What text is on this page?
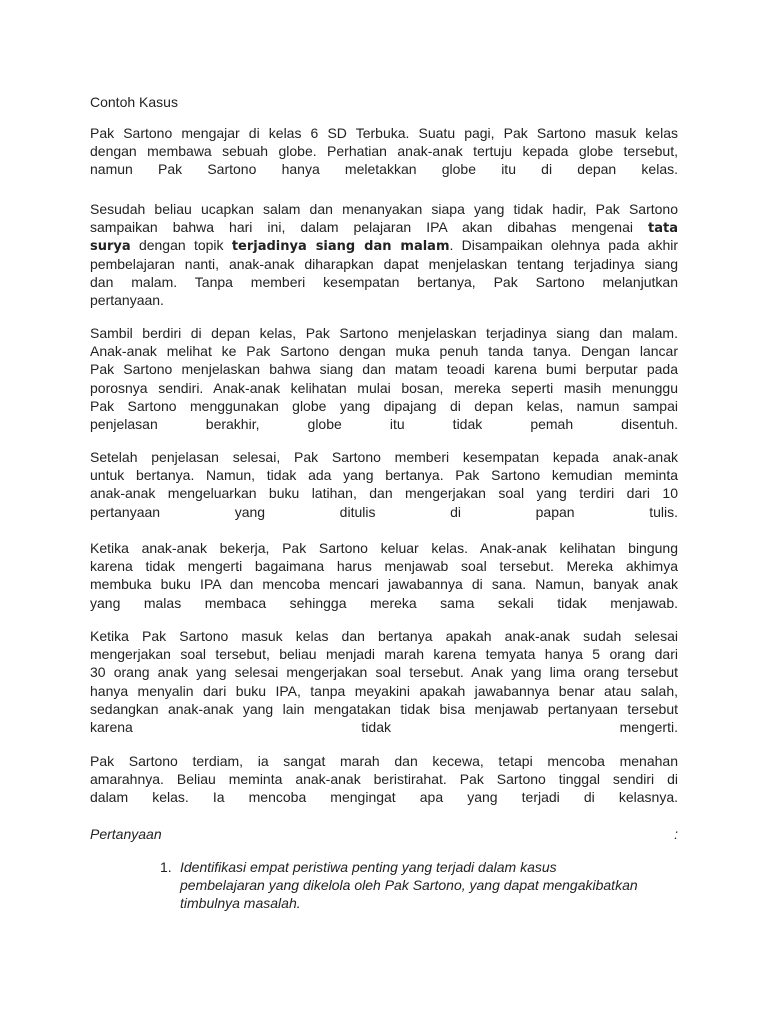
Contoh Kasus
Pak Sartono mengajar di kelas 6 SD Terbuka. Suatu pagi, Pak Sartono masuk kelas
dengan membawa sebuah globe. Perhatian anak-anak tertuju kepada globe tersebut,
namun Pak Sartono hanya meletakkan globe itu di depan kelas.
Sesudah beliau ucapkan salam dan menanyakan siapa yang tidak hadir, Pak Sartono
sampaikan bahwa hari ini, dalam pelajaran IPA akan dibahas mengenai tata
surya dengan topik terjadinya siang dan malam. Disampaikan olehnya pada akhir
pembelajaran nanti, anak-anak diharapkan dapat menjelaskan tentang terjadinya siang
dan malam. Tanpa memberi kesempatan bertanya, Pak Sartono melanjutkan
pertanyaan.
Sambil berdiri di depan kelas, Pak Sartono menjelaskan terjadinya siang dan malam.
Anak-anak melihat ke Pak Sartono dengan muka penuh tanda tanya. Dengan lancar
Pak Sartono menjelaskan bahwa siang dan matam teoadi karena bumi berputar pada
porosnya sendiri. Anak-anak kelihatan mulai bosan, mereka seperti masih menunggu
Pak Sartono menggunakan globe yang dipajang di depan kelas, namun sampai
penjelasan berakhir, globe itu tidak pemah disentuh.
Setelah penjelasan selesai, Pak Sartono memberi kesempatan kepada anak-anak
untuk bertanya. Namun, tidak ada yang bertanya. Pak Sartono kemudian meminta
anak-anak mengeluarkan buku latihan, dan mengerjakan soal yang terdiri dari 10
pertanyaan yang ditulis di papan tulis.
Ketika anak-anak bekerja, Pak Sartono keluar kelas. Anak-anak kelihatan bingung
karena tidak mengerti bagaimana harus menjawab soal tersebut. Mereka akhimya
membuka buku IPA dan mencoba mencari jawabannya di sana. Namun, banyak anak
yang malas membaca sehingga mereka sama sekali tidak menjawab.
Ketika Pak Sartono masuk kelas dan bertanya apakah anak-anak sudah selesai
mengerjakan soal tersebut, beliau menjadi marah karena temyata hanya 5 orang dari
30 orang anak yang selesai mengerjakan soal tersebut. Anak yang lima orang tersebut
hanya menyalin dari buku IPA, tanpa meyakini apakah jawabannya benar atau salah,
sedangkan anak-anak yang lain mengatakan tidak bisa menjawab pertanyaan tersebut
karena tidak mengerti.
Pak Sartono terdiam, ia sangat marah dan kecewa, tetapi mencoba menahan
amarahnya. Beliau meminta anak-anak beristirahat. Pak Sartono tinggal sendiri di
dalam kelas. Ia mencoba mengingat apa yang terjadi di kelasnya.
Pertanyaan	:
1. Identifikasi empat peristiwa penting yang terjadi dalam kasus
pembelajaran yang dikelola oleh Pak Sartono, yang dapat mengakibatkan
timbulnya masalah.
